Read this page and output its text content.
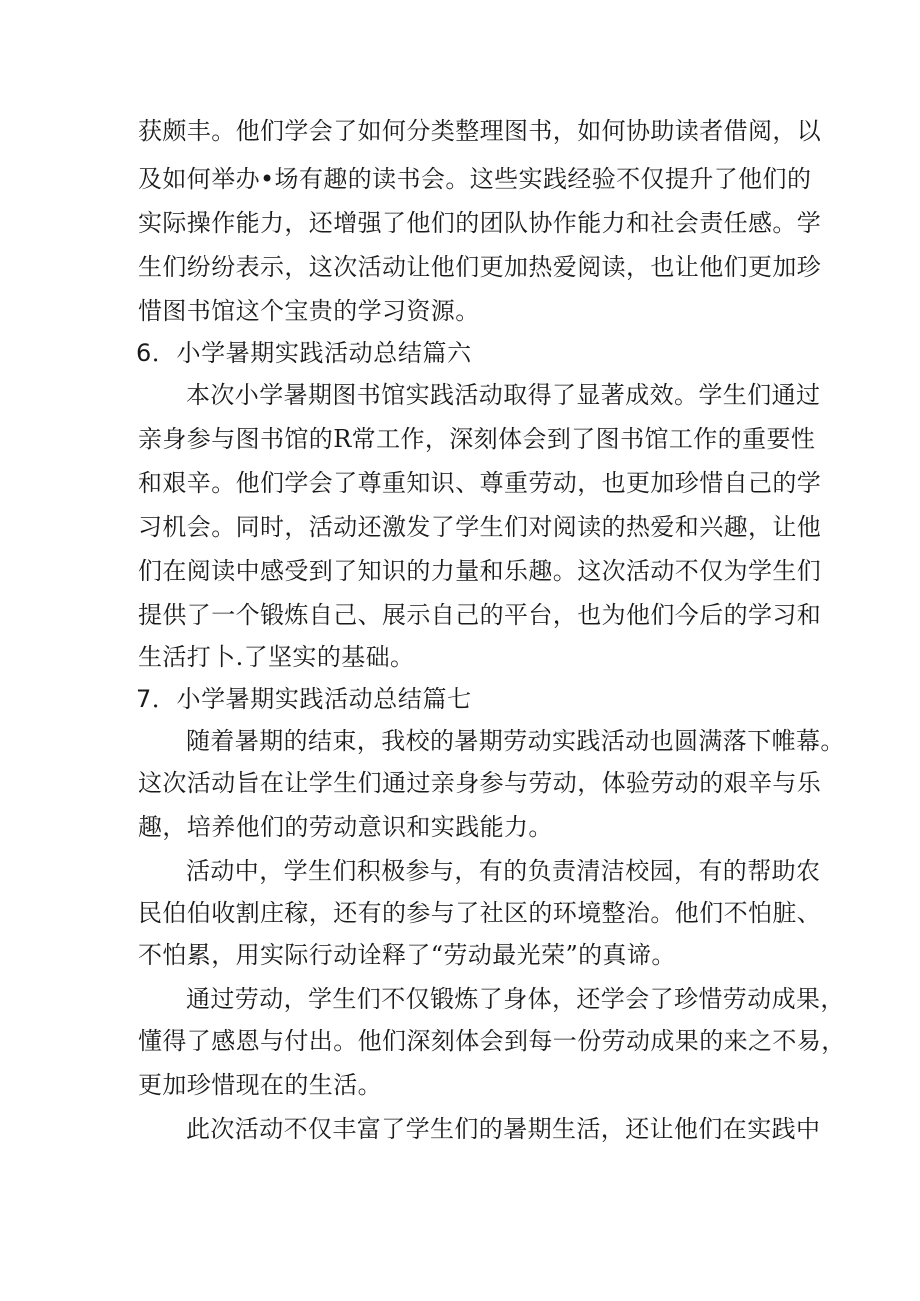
获颇丰。他们学会了如何分类整理图书，如何协助读者借阅，以
及如何举办•场有趣的读书会。这些实践经验不仅提升了他们的
实际操作能力，还增强了他们的团队协作能力和社会责任感。学
生们纷纷表示，这次活动让他们更加热爱阅读，也让他们更加珍
惜图书馆这个宝贵的学习资源。
6．小学暑期实践活动总结篇六
本次小学暑期图书馆实践活动取得了显著成效。学生们通过
亲身参与图书馆的R常工作，深刻体会到了图书馆工作的重要性
和艰辛。他们学会了尊重知识、尊重劳动，也更加珍惜自己的学
习机会。同时，活动还激发了学生们对阅读的热爱和兴趣，让他
们在阅读中感受到了知识的力量和乐趣。这次活动不仅为学生们
提供了一个锻炼自己、展示自己的平台，也为他们今后的学习和
生活打卜.了坚实的基础。
7．小学暑期实践活动总结篇七
随着暑期的结束，我校的暑期劳动实践活动也圆满落下帷幕。
这次活动旨在让学生们通过亲身参与劳动，体验劳动的艰辛与乐
趣，培养他们的劳动意识和实践能力。
活动中，学生们积极参与，有的负责清洁校园，有的帮助农
民伯伯收割庄稼，还有的参与了社区的环境整治。他们不怕脏、
不怕累，用实际行动诠释了“劳动最光荣”的真谛。
通过劳动，学生们不仅锻炼了身体，还学会了珍惜劳动成果，
懂得了感恩与付出。他们深刻体会到每一份劳动成果的来之不易，
更加珍惜现在的生活。
此次活动不仅丰富了学生们的暑期生活，还让他们在实践中
